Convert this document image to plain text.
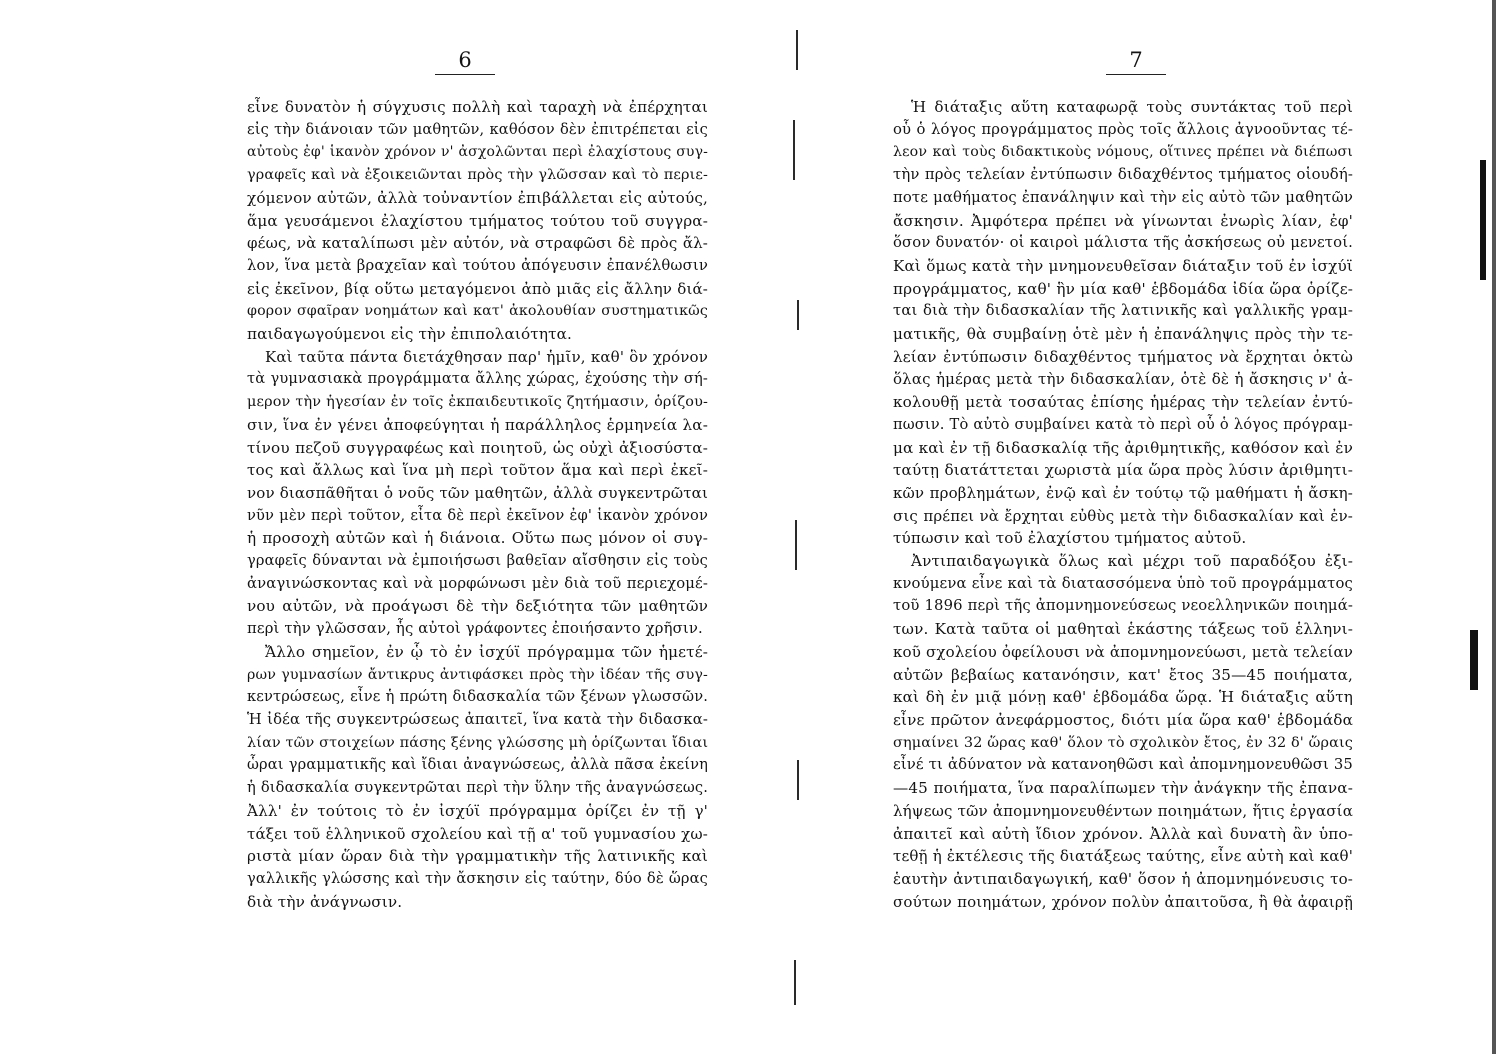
6
εἶνε δυνατὸν ἡ σύγχυσις πολλὴ καὶ ταραχὴ νὰ ἐπέρχηται
εἰς τὴν διάνοιαν τῶν μαθητῶν, καθόσον δὲν ἐπιτρέπεται εἰς
αὐτοὺς ἐφ' ἱκανὸν χρόνον ν' ἀσχολῶνται περὶ ἐλαχίστους συγ-
γραφεῖς καὶ νὰ ἐξοικειῶνται πρὸς τὴν γλῶσσαν καὶ τὸ περιε-
χόμενον αὐτῶν, ἀλλὰ τοὐναντίον ἐπιβάλλεται εἰς αὐτούς,
ἅμα γευσάμενοι ἐλαχίστου τμήματος τούτου τοῦ συγγρα-
φέως, νὰ καταλίπωσι μὲν αὐτόν, νὰ στραφῶσι δὲ πρὸς ἄλ-
λον, ἵνα μετὰ βραχεῖαν καὶ τούτου ἀπόγευσιν ἐπανέλθωσιν
εἰς ἐκεῖνον, βίᾳ οὕτω μεταγόμενοι ἀπὸ μιᾶς εἰς ἄλλην διά-
φορον σφαῖραν νοημάτων καὶ κατ' ἀκολουθίαν συστηματικῶς
παιδαγωγούμενοι εἰς τὴν ἐπιπολαιότητα.
Καὶ ταῦτα πάντα διετάχθησαν παρ' ἡμῖν, καθ' ὃν χρόνον
τὰ γυμνασιακὰ προγράμματα ἄλλης χώρας, ἐχούσης τὴν σή-
μερον τὴν ἡγεσίαν ἐν τοῖς ἐκπαιδευτικοῖς ζητήμασιν, ὁρίζου-
σιν, ἵνα ἐν γένει ἀποφεύγηται ἡ παράλληλος ἑρμηνεία λα-
τίνου πεζοῦ συγγραφέως καὶ ποιητοῦ, ὡς οὐχὶ ἀξιοσύστα-
τος καὶ ἄλλως καὶ ἵνα μὴ περὶ τοῦτον ἅμα καὶ περὶ ἐκεῖ-
νον διασπᾶθῆται ὁ νοῦς τῶν μαθητῶν, ἀλλὰ συγκεντρῶται
νῦν μὲν περὶ τοῦτον, εἶτα δὲ περὶ ἐκεῖνον ἐφ' ἱκανὸν χρόνον
ἡ προσοχὴ αὐτῶν καὶ ἡ διάνοια. Οὕτω πως μόνον οἱ συγ-
γραφεῖς δύνανται νὰ ἐμποιήσωσι βαθεῖαν αἴσθησιν εἰς τοὺς
ἀναγινώσκοντας καὶ νὰ μορφώνωσι μὲν διὰ τοῦ περιεχομέ-
νου αὐτῶν, νὰ προάγωσι δὲ τὴν δεξιότητα τῶν μαθητῶν
περὶ τὴν γλῶσσαν, ἧς αὐτοὶ γράφοντες ἐποιήσαντο χρῆσιν.
Ἄλλο σημεῖον, ἐν ᾧ τὸ ἐν ἰσχύϊ πρόγραμμα τῶν ἡμετέ-
ρων γυμνασίων ἄντικρυς ἀντιφάσκει πρὸς τὴν ἰδέαν τῆς συγ-
κεντρώσεως, εἶνε ἡ πρώτη διδασκαλία τῶν ξένων γλωσσῶν.
Ἡ ἰδέα τῆς συγκεντρώσεως ἀπαιτεῖ, ἵνα κατὰ τὴν διδασκα-
λίαν τῶν στοιχείων πάσης ξένης γλώσσης μὴ ὁρίζωνται ἴδιαι
ὧραι γραμματικῆς καὶ ἴδιαι ἀναγνώσεως, ἀλλὰ πᾶσα ἐκείνη
ἡ διδασκαλία συγκεντρῶται περὶ τὴν ὕλην τῆς ἀναγνώσεως.
Ἀλλ' ἐν τούτοις τὸ ἐν ἰσχύϊ πρόγραμμα ὁρίζει ἐν τῇ γ'
τάξει τοῦ ἑλληνικοῦ σχολείου καὶ τῇ α' τοῦ γυμνασίου χω-
ριστὰ μίαν ὥραν διὰ τὴν γραμματικὴν τῆς λατινικῆς καὶ
γαλλικῆς γλώσσης καὶ τὴν ἄσκησιν εἰς ταύτην, δύο δὲ ὥρας
διὰ τὴν ἀνάγνωσιν.
7
Ἡ διάταξις αὕτη καταφωρᾷ τοὺς συντάκτας τοῦ περὶ
οὗ ὁ λόγος προγράμματος πρὸς τοῖς ἄλλοις ἀγνοοῦντας τέ-
λεον καὶ τοὺς διδακτικοὺς νόμους, οἵτινες πρέπει νὰ διέπωσι
τὴν πρὸς τελείαν ἐντύπωσιν διδαχθέντος τμήματος οἱουδή-
ποτε μαθήματος ἐπανάληψιν καὶ τὴν εἰς αὐτὸ τῶν μαθητῶν
ἄσκησιν. Ἀμφότερα πρέπει νὰ γίνωνται ἐνωρὶς λίαν, ἐφ'
ὅσον δυνατόν· οἱ καιροὶ μάλιστα τῆς ἀσκήσεως οὐ μενετοί.
Καὶ ὅμως κατὰ τὴν μνημονευθεῖσαν διάταξιν τοῦ ἐν ἰσχύϊ
προγράμματος, καθ' ἣν μία καθ' ἑβδομάδα ἰδία ὥρα ὁρίζε-
ται διὰ τὴν διδασκαλίαν τῆς λατινικῆς καὶ γαλλικῆς γραμ-
ματικῆς, θὰ συμβαίνῃ ὁτὲ μὲν ἡ ἐπανάληψις πρὸς τὴν τε-
λείαν ἐντύπωσιν διδαχθέντος τμήματος νὰ ἔρχηται ὀκτὼ
ὅλας ἡμέρας μετὰ τὴν διδασκαλίαν, ὁτὲ δὲ ἡ ἄσκησις ν' ἀ-
κολουθῇ μετὰ τοσαύτας ἐπίσης ἡμέρας τὴν τελείαν ἐντύ-
πωσιν. Τὸ αὐτὸ συμβαίνει κατὰ τὸ περὶ οὗ ὁ λόγος πρόγραμ-
μα καὶ ἐν τῇ διδασκαλίᾳ τῆς ἀριθμητικῆς, καθόσον καὶ ἐν
ταύτῃ διατάττεται χωριστὰ μία ὥρα πρὸς λύσιν ἀριθμητι-
κῶν προβλημάτων, ἐνῷ καὶ ἐν τούτῳ τῷ μαθήματι ἡ ἄσκη-
σις πρέπει νὰ ἔρχηται εὐθὺς μετὰ τὴν διδασκαλίαν καὶ ἐν-
τύπωσιν καὶ τοῦ ἐλαχίστου τμήματος αὐτοῦ.
Ἀντιπαιδαγωγικὰ ὅλως καὶ μέχρι τοῦ παραδόξου ἐξι-
κνούμενα εἶνε καὶ τὰ διατασσόμενα ὑπὸ τοῦ προγράμματος
τοῦ 1896 περὶ τῆς ἀπομνημονεύσεως νεοελληνικῶν ποιημά-
των. Κατὰ ταῦτα οἱ μαθηταὶ ἑκάστης τάξεως τοῦ ἑλληνι-
κοῦ σχολείου ὀφείλουσι νὰ ἀπομνημονεύωσι, μετὰ τελείαν
αὐτῶν βεβαίως κατανόησιν, κατ' ἔτος 35—45 ποιήματα,
καὶ δὴ ἐν μιᾷ μόνῃ καθ' ἑβδομάδα ὥρᾳ. Ἡ διάταξις αὕτη
εἶνε πρῶτον ἀνεφάρμοστος, διότι μία ὥρα καθ' ἑβδομάδα
σημαίνει 32 ὥρας καθ' ὅλον τὸ σχολικὸν ἔτος, ἐν 32 δ' ὥραις
εἶνέ τι ἀδύνατον νὰ κατανοηθῶσι καὶ ἀπομνημονευθῶσι 35
—45 ποιήματα, ἵνα παραλίπωμεν τὴν ἀνάγκην τῆς ἐπανα-
λήψεως τῶν ἀπομνημονευθέντων ποιημάτων, ἥτις ἐργασία
ἀπαιτεῖ καὶ αὐτὴ ἴδιον χρόνον. Ἀλλὰ καὶ δυνατὴ ἂν ὑπο-
τεθῇ ἡ ἐκτέλεσις τῆς διατάξεως ταύτης, εἶνε αὐτὴ καὶ καθ'
ἑαυτὴν ἀντιπαιδαγωγική, καθ' ὅσον ἡ ἀπομνημόνευσις το-
σούτων ποιημάτων, χρόνον πολὺν ἀπαιτοῦσα, ἢ θὰ ἀφαιρῇ
